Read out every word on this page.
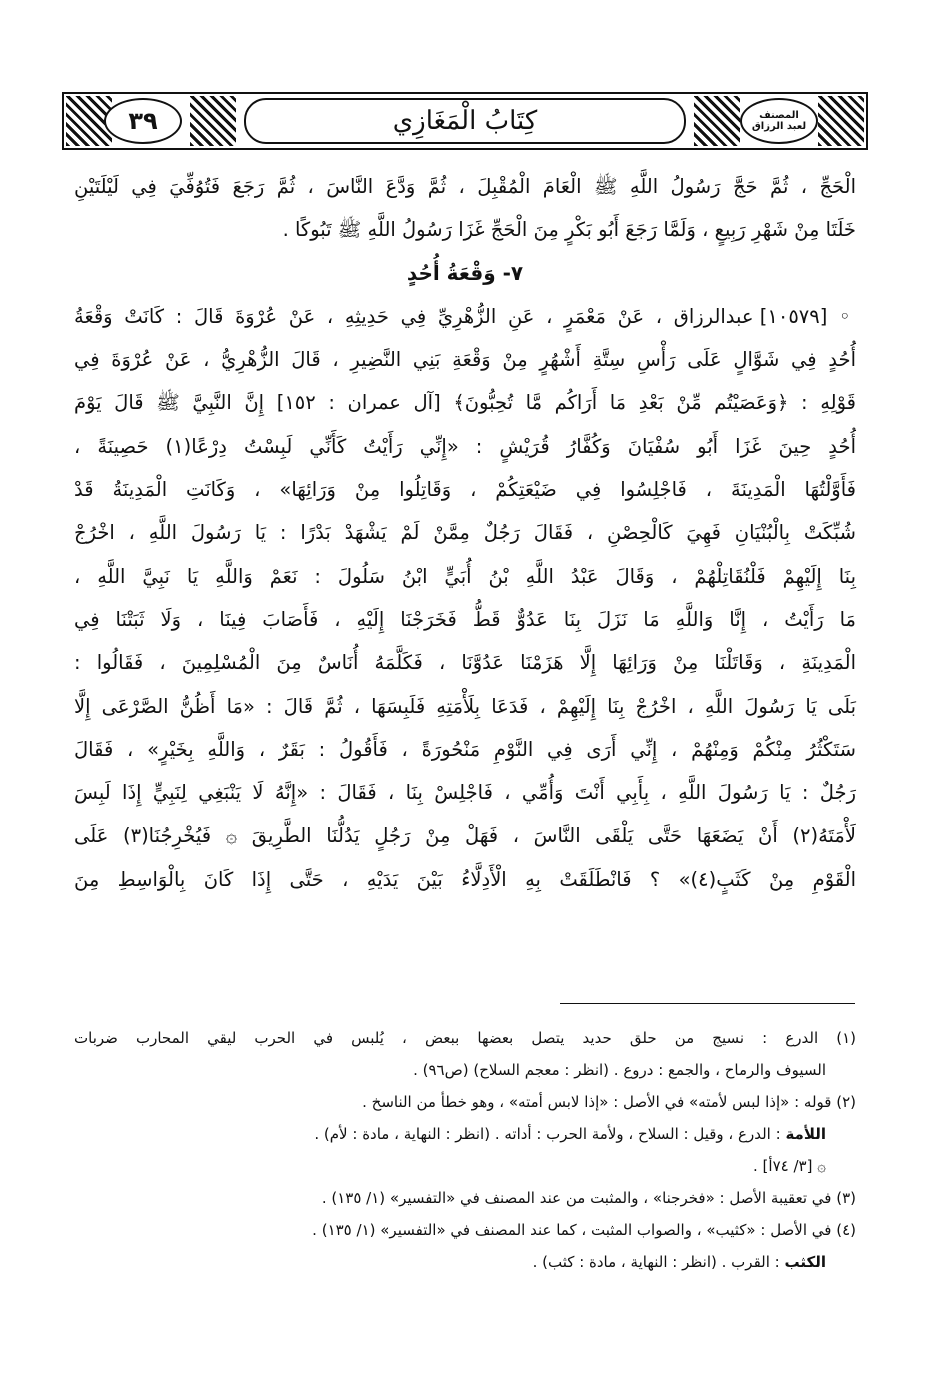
٣٩	كِتَابُ الْمَغَازِي	المصنف
لعبد الرزاق
الْحَجِّ ، ثُمَّ حَجَّ رَسُولُ اللَّهِ ﷺ الْعَامَ الْمُقْبِلَ ، ثُمَّ وَدَّعَ النَّاسَ ، ثُمَّ رَجَعَ فَتُوُفِّيَ فِي لَيْلَتَيْنِ
خَلَتَا مِنْ شَهْرِ رَبِيعٍ ، وَلَمَّا رَجَعَ أَبُو بَكْرٍ مِنَ الْحَجِّ غَزَا رَسُولُ اللَّهِ ﷺ تَبُوكًا .
٧- وَقْعَةُ أُحُدٍ
◦ [١٠٥٧٩] عبدالرزاق ، عَنْ مَعْمَرٍ ، عَنِ الزُّهْرِيِّ فِي حَدِيثِهِ ، عَنْ عُرْوَةَ قَالَ : كَانَتْ وَقْعَةُ
أُحُدٍ فِي شَوَّالٍ عَلَى رَأْسِ سِتَّةِ أَشْهُرٍ مِنْ وَقْعَةِ بَنِي النَّضِيرِ ، قَالَ الزُّهْرِيُّ ، عَنْ عُرْوَةَ فِي
قَوْلِهِ : ﴿وَعَصَيْتُم مِّنْ بَعْدِ مَا أَرَاكُم مَّا تُحِبُّونَ﴾ [آل عمران : ١٥٢] إِنَّ النَّبِيَّ ﷺ قَالَ يَوْمَ
أُحُدٍ حِينَ غَزَا أَبُو سُفْيَانَ وَكُفَّارُ قُرَيْشٍ : «إِنِّي رَأَيْتُ كَأَنِّي لَبِسْتُ دِرْعًا(١) حَصِينَةً ،
فَأَوَّلْتُهَا الْمَدِينَةَ ، فَاجْلِسُوا فِي ضَيْعَتِكُمْ ، وَقَاتِلُوا مِنْ وَرَائِهَا» ، وَكَانَتِ الْمَدِينَةُ قَدْ
شُبِّكَتْ بِالْبُنْيَانِ فَهِيَ كَالْحِصْنِ ، فَقَالَ رَجُلٌ مِمَّنْ لَمْ يَشْهَدْ بَدْرًا : يَا رَسُولَ اللَّهِ ، اخْرُجْ
بِنَا إِلَيْهِمْ فَلْنُقَاتِلْهُمْ ، وَقَالَ عَبْدُ اللَّهِ بْنُ أُبَيٍّ ابْنُ سَلُولَ : نَعَمْ وَاللَّهِ يَا نَبِيَّ اللَّهِ ،
مَا رَأَيْتُ ، إِنَّا وَاللَّهِ مَا نَزَلَ بِنَا عَدُوٌّ قَطُّ فَخَرَجْنَا إِلَيْهِ ، فَأَصَابَ فِينَا ، وَلَا ثَبَتْنَا فِي
الْمَدِينَةِ ، وَقَاتَلْنَا مِنْ وَرَائِهَا إِلَّا هَزَمْنَا عَدُوَّنَا ، فَكَلَّمَهُ أُنَاسٌ مِنَ الْمُسْلِمِينَ ، فَقَالُوا :
بَلَى يَا رَسُولَ اللَّهِ ، اخْرُجْ بِنَا إِلَيْهِمْ ، فَدَعَا بِلَأْمَتِهِ فَلَبِسَهَا ، ثُمَّ قَالَ : «مَا أَظُنُّ الصَّرْعَى إِلَّا
سَتَكْثُرُ مِنْكُمْ وَمِنْهُمْ ، إِنِّي أَرَى فِي النَّوْمِ مَنْحُورَةً ، فَأَقُولُ : بَقَرٌ ، وَاللَّهِ بِخَيْرٍ» ، فَقَالَ
رَجُلٌ : يَا رَسُولَ اللَّهِ ، بِأَبِي أَنْتَ وَأُمِّي ، فَاجْلِسْ بِنَا ، فَقَالَ : «إِنَّهُ لَا يَنْبَغِي لِنَبِيٍّ إِذَا لَبِسَ
لَأْمَتَهُ(٢) أَنْ يَضَعَهَا حَتَّى يَلْقَى النَّاسَ ، فَهَلْ مِنْ رَجُلٍ يَدُلُّنَا الطَّرِيقَ ۞ فَيُخْرِجُنَا(٣) عَلَى
الْقَوْمِ مِنْ كَثَبٍ(٤)» ؟ فَانْطَلَقَتْ بِهِ الْأَدِلَّاءُ بَيْنَ يَدَيْهِ ، حَتَّى إِذَا كَانَ بِالْوَاسِطِ مِنَ
(١) الدرع : نسيج من حلق حديد يتصل بعضها ببعض ، يُلبس في الحرب ليقي المحارب ضربات
السيوف والرماح ، والجمع : دروع . (انظر : معجم السلاح) (ص٩٦) .
(٢) قوله : «إذا لبس لأمته» في الأصل : «إذا لابس أمته» ، وهو خطأ من الناسخ .
اللأمة : الدرع ، وقيل : السلاح ، ولأمة الحرب : أداته . (انظر : النهاية ، مادة : لأم) .
۞ [٣/ ٧٤أ] .
(٣) في تعقيبة الأصل : «فخرجنا» ، والمثبت من عند المصنف في «التفسير» (١/ ١٣٥) .
(٤) في الأصل : «كثيب» ، والصواب المثبت ، كما عند المصنف في «التفسير» (١/ ١٣٥) .
الكثب : القرب . (انظر : النهاية ، مادة : كثب) .
